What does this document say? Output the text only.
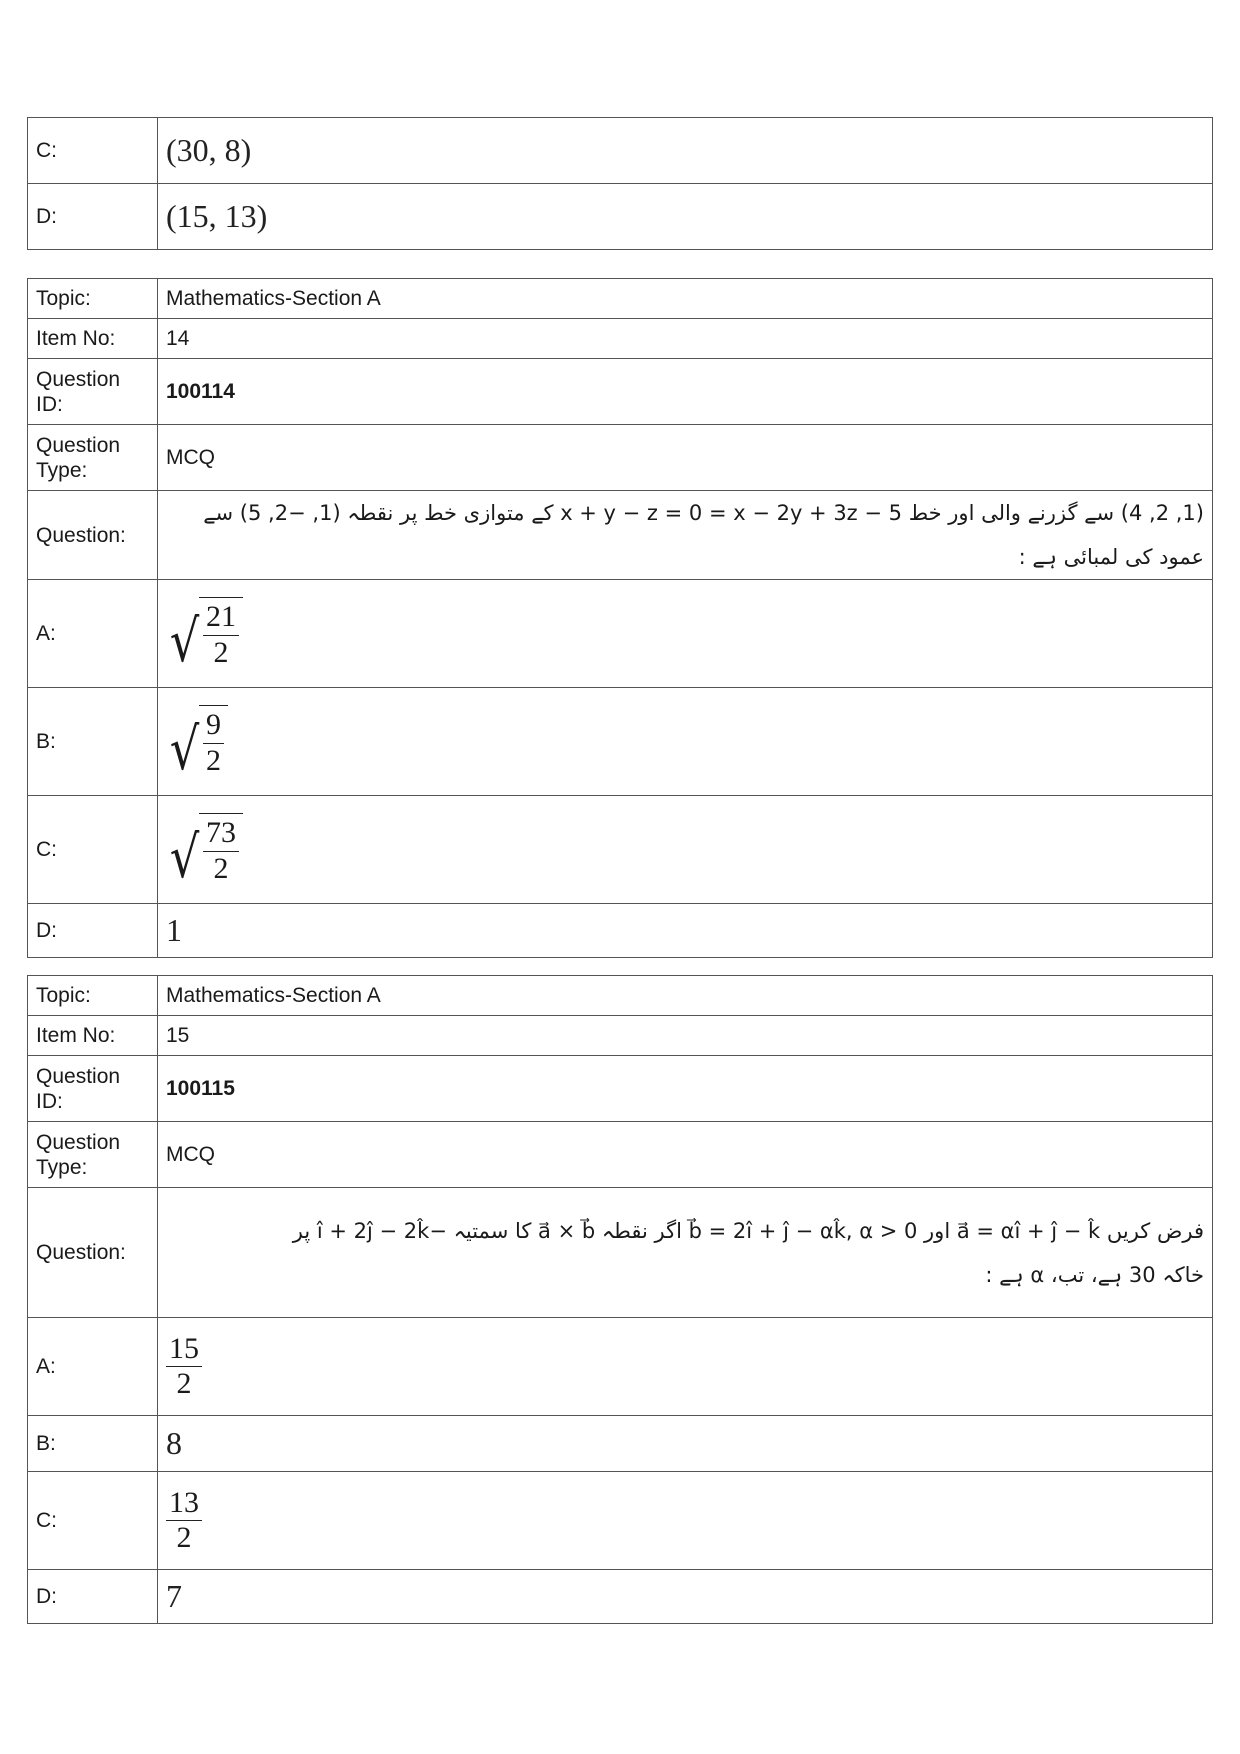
C:	(30, 8)
D:	(15, 13)
Topic:	Mathematics-Section A
Item No:	14
Question ID:	100114
Question Type:	MCQ
Question:	(1, 2, 4) سے گزرنے والی اور خط x + y − z = 0 = x − 2y + 3z − 5 کے متوازی خط پر نقطہ (1, −2, 5) سے عمود کی لمبائی ہے :
A:	√ $\frac{21}{2}$

B:	√ $\frac{9}{2}$

C:	√ $\frac{73}{2}$

D:	1
Topic:	Mathematics-Section A
Item No:	15
Question ID:	100115
Question Type:	MCQ
Question:	فرض کریں a⃗ = αî + ĵ − k̂ اور b⃗ = 2î + ĵ − αk̂, α > 0 اگر نقطہ a⃗ × b⃗ کا سمتیہ −î + 2ĵ − 2k̂ پر
خاکہ 30 ہے، تب، α ہے :

A:	$\frac{15}{2}$

B:	8
C:	$\frac{13}{2}$

D:	7
